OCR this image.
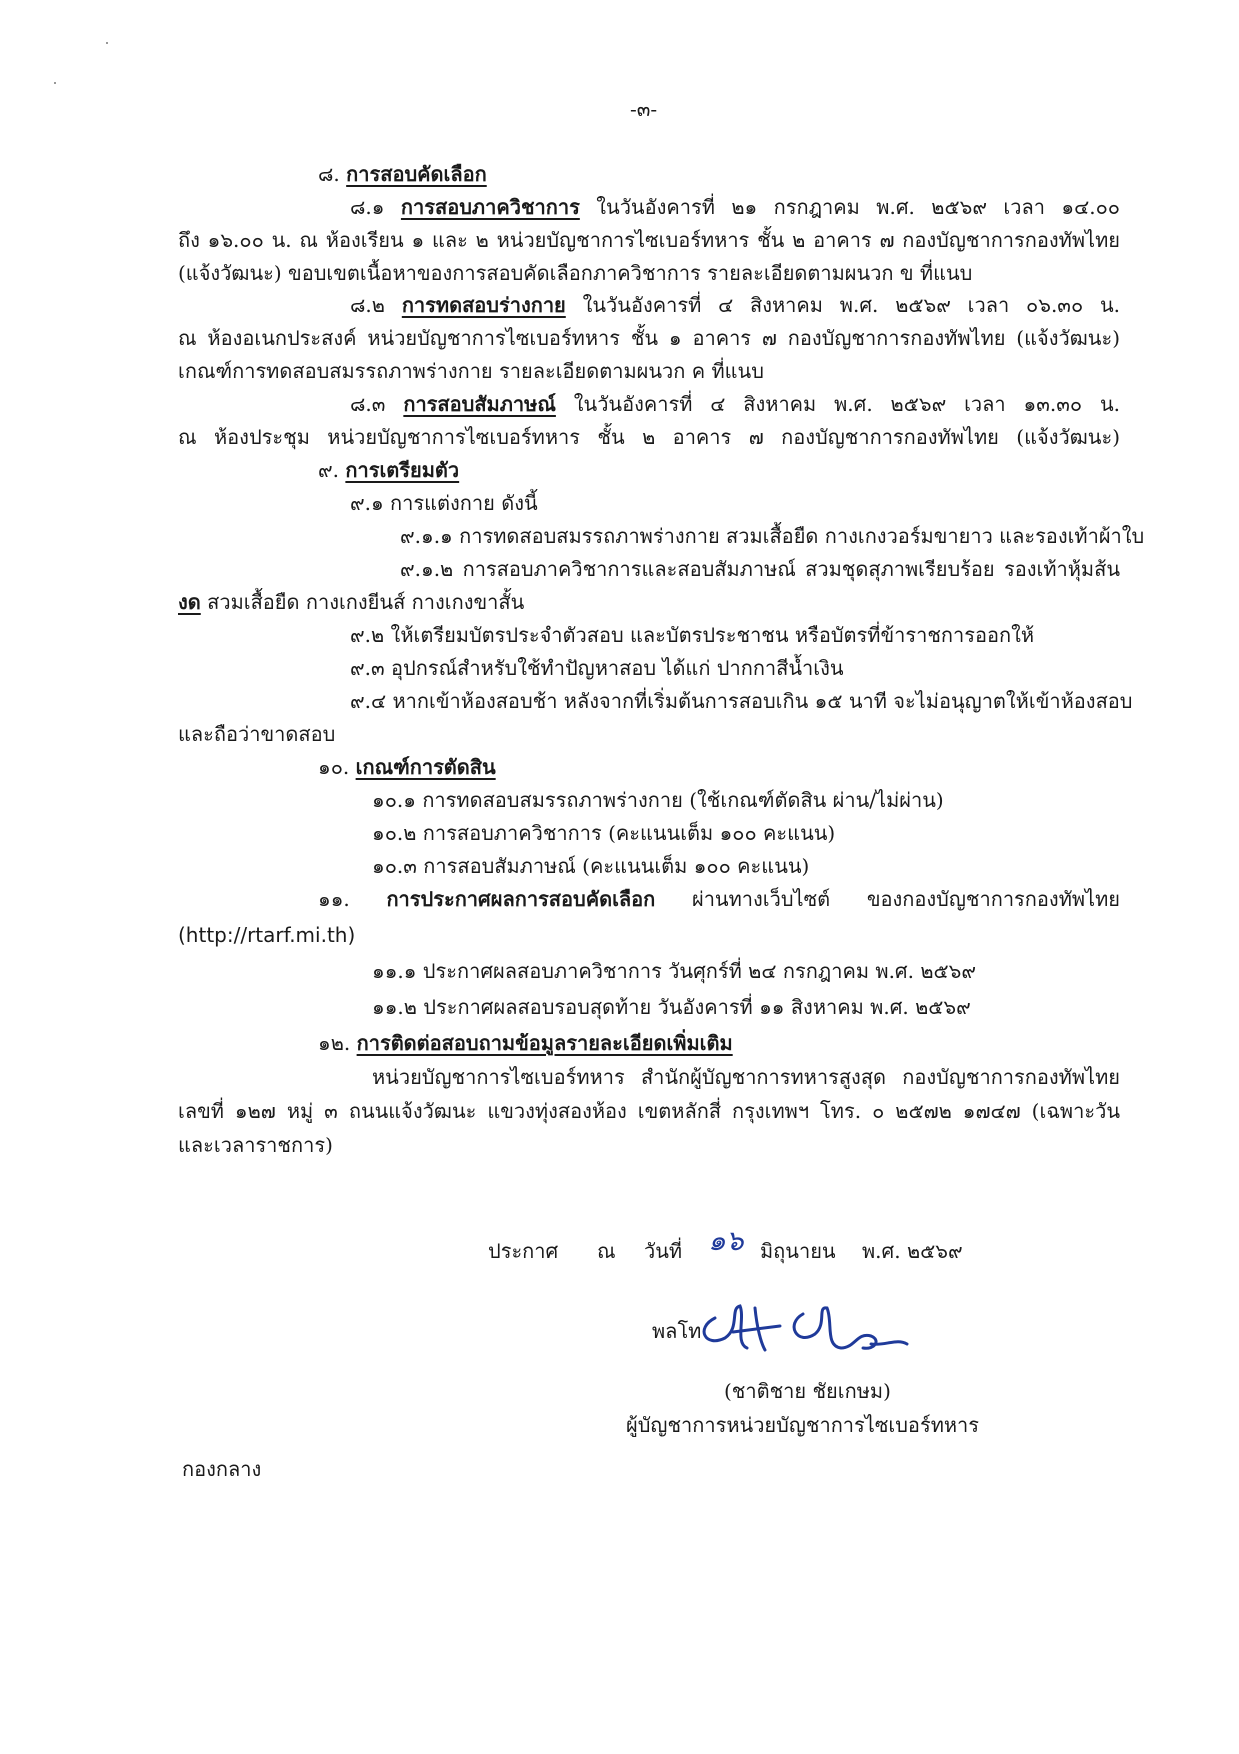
-๓-
๘. การสอบคัดเลือก
๘.๑ การสอบภาควิชาการ ในวันอังคารที่ ๒๑ กรกฎาคม พ.ศ. ๒๕๖๙ เวลา ๑๔.๐๐
ถึง ๑๖.๐๐ น. ณ ห้องเรียน ๑ และ ๒ หน่วยบัญชาการไซเบอร์ทหาร ชั้น ๒ อาคาร ๗ กองบัญชาการกองทัพไทย
(แจ้งวัฒนะ) ขอบเขตเนื้อหาของการสอบคัดเลือกภาควิชาการ รายละเอียดตามผนวก ข ที่แนบ
๘.๒ การทดสอบร่างกาย ในวันอังคารที่ ๔ สิงหาคม พ.ศ. ๒๕๖๙ เวลา ๐๖.๓๐ น.
ณ ห้องอเนกประสงค์ หน่วยบัญชาการไซเบอร์ทหาร ชั้น ๑ อาคาร ๗ กองบัญชาการกองทัพไทย (แจ้งวัฒนะ)
เกณฑ์การทดสอบสมรรถภาพร่างกาย รายละเอียดตามผนวก ค ที่แนบ
๘.๓ การสอบสัมภาษณ์ ในวันอังคารที่ ๔ สิงหาคม พ.ศ. ๒๕๖๙ เวลา ๑๓.๓๐ น.
ณ ห้องประชุม หน่วยบัญชาการไซเบอร์ทหาร ชั้น ๒ อาคาร ๗ กองบัญชาการกองทัพไทย (แจ้งวัฒนะ)
๙. การเตรียมตัว
๙.๑ การแต่งกาย ดังนี้
๙.๑.๑ การทดสอบสมรรถภาพร่างกาย สวมเสื้อยืด กางเกงวอร์มขายาว และรองเท้าผ้าใบ
๙.๑.๒ การสอบภาควิชาการและสอบสัมภาษณ์ สวมชุดสุภาพเรียบร้อย รองเท้าหุ้มส้น
งด สวมเสื้อยืด กางเกงยีนส์ กางเกงขาสั้น
๙.๒ ให้เตรียมบัตรประจำตัวสอบ และบัตรประชาชน หรือบัตรที่ข้าราชการออกให้
๙.๓ อุปกรณ์สำหรับใช้ทำปัญหาสอบ ได้แก่ ปากกาสีน้ำเงิน
๙.๔ หากเข้าห้องสอบช้า หลังจากที่เริ่มต้นการสอบเกิน ๑๕ นาที จะไม่อนุญาตให้เข้าห้องสอบ
และถือว่าขาดสอบ
๑๐. เกณฑ์การตัดสิน
๑๐.๑ การทดสอบสมรรถภาพร่างกาย (ใช้เกณฑ์ตัดสิน ผ่าน/ไม่ผ่าน)
๑๐.๒ การสอบภาควิชาการ (คะแนนเต็ม ๑๐๐ คะแนน)
๑๐.๓ การสอบสัมภาษณ์ (คะแนนเต็ม ๑๐๐ คะแนน)
๑๑. การประกาศผลการสอบคัดเลือก ผ่านทางเว็บไซต์ ของกองบัญชาการกองทัพไทย
(http://rtarf.mi.th)
๑๑.๑ ประกาศผลสอบภาควิชาการ วันศุกร์ที่ ๒๔ กรกฎาคม พ.ศ. ๒๕๖๙
๑๑.๒ ประกาศผลสอบรอบสุดท้าย วันอังคารที่ ๑๑ สิงหาคม พ.ศ. ๒๕๖๙
๑๒. การติดต่อสอบถามข้อมูลรายละเอียดเพิ่มเติม
หน่วยบัญชาการไซเบอร์ทหาร สำนักผู้บัญชาการทหารสูงสุด กองบัญชาการกองทัพไทย
เลขที่ ๑๒๗ หมู่ ๓ ถนนแจ้งวัฒนะ แขวงทุ่งสองห้อง เขตหลักสี่ กรุงเทพฯ โทร. ๐ ๒๕๗๒ ๑๗๔๗ (เฉพาะวัน
และเวลาราชการ)
ประกาศ ณ วันที่ ๑๖ มิถุนายน พ.ศ. ๒๕๖๙
พลโท
(ชาติชาย ชัยเกษม)
ผู้บัญชาการหน่วยบัญชาการไซเบอร์ทหาร
กองกลาง
